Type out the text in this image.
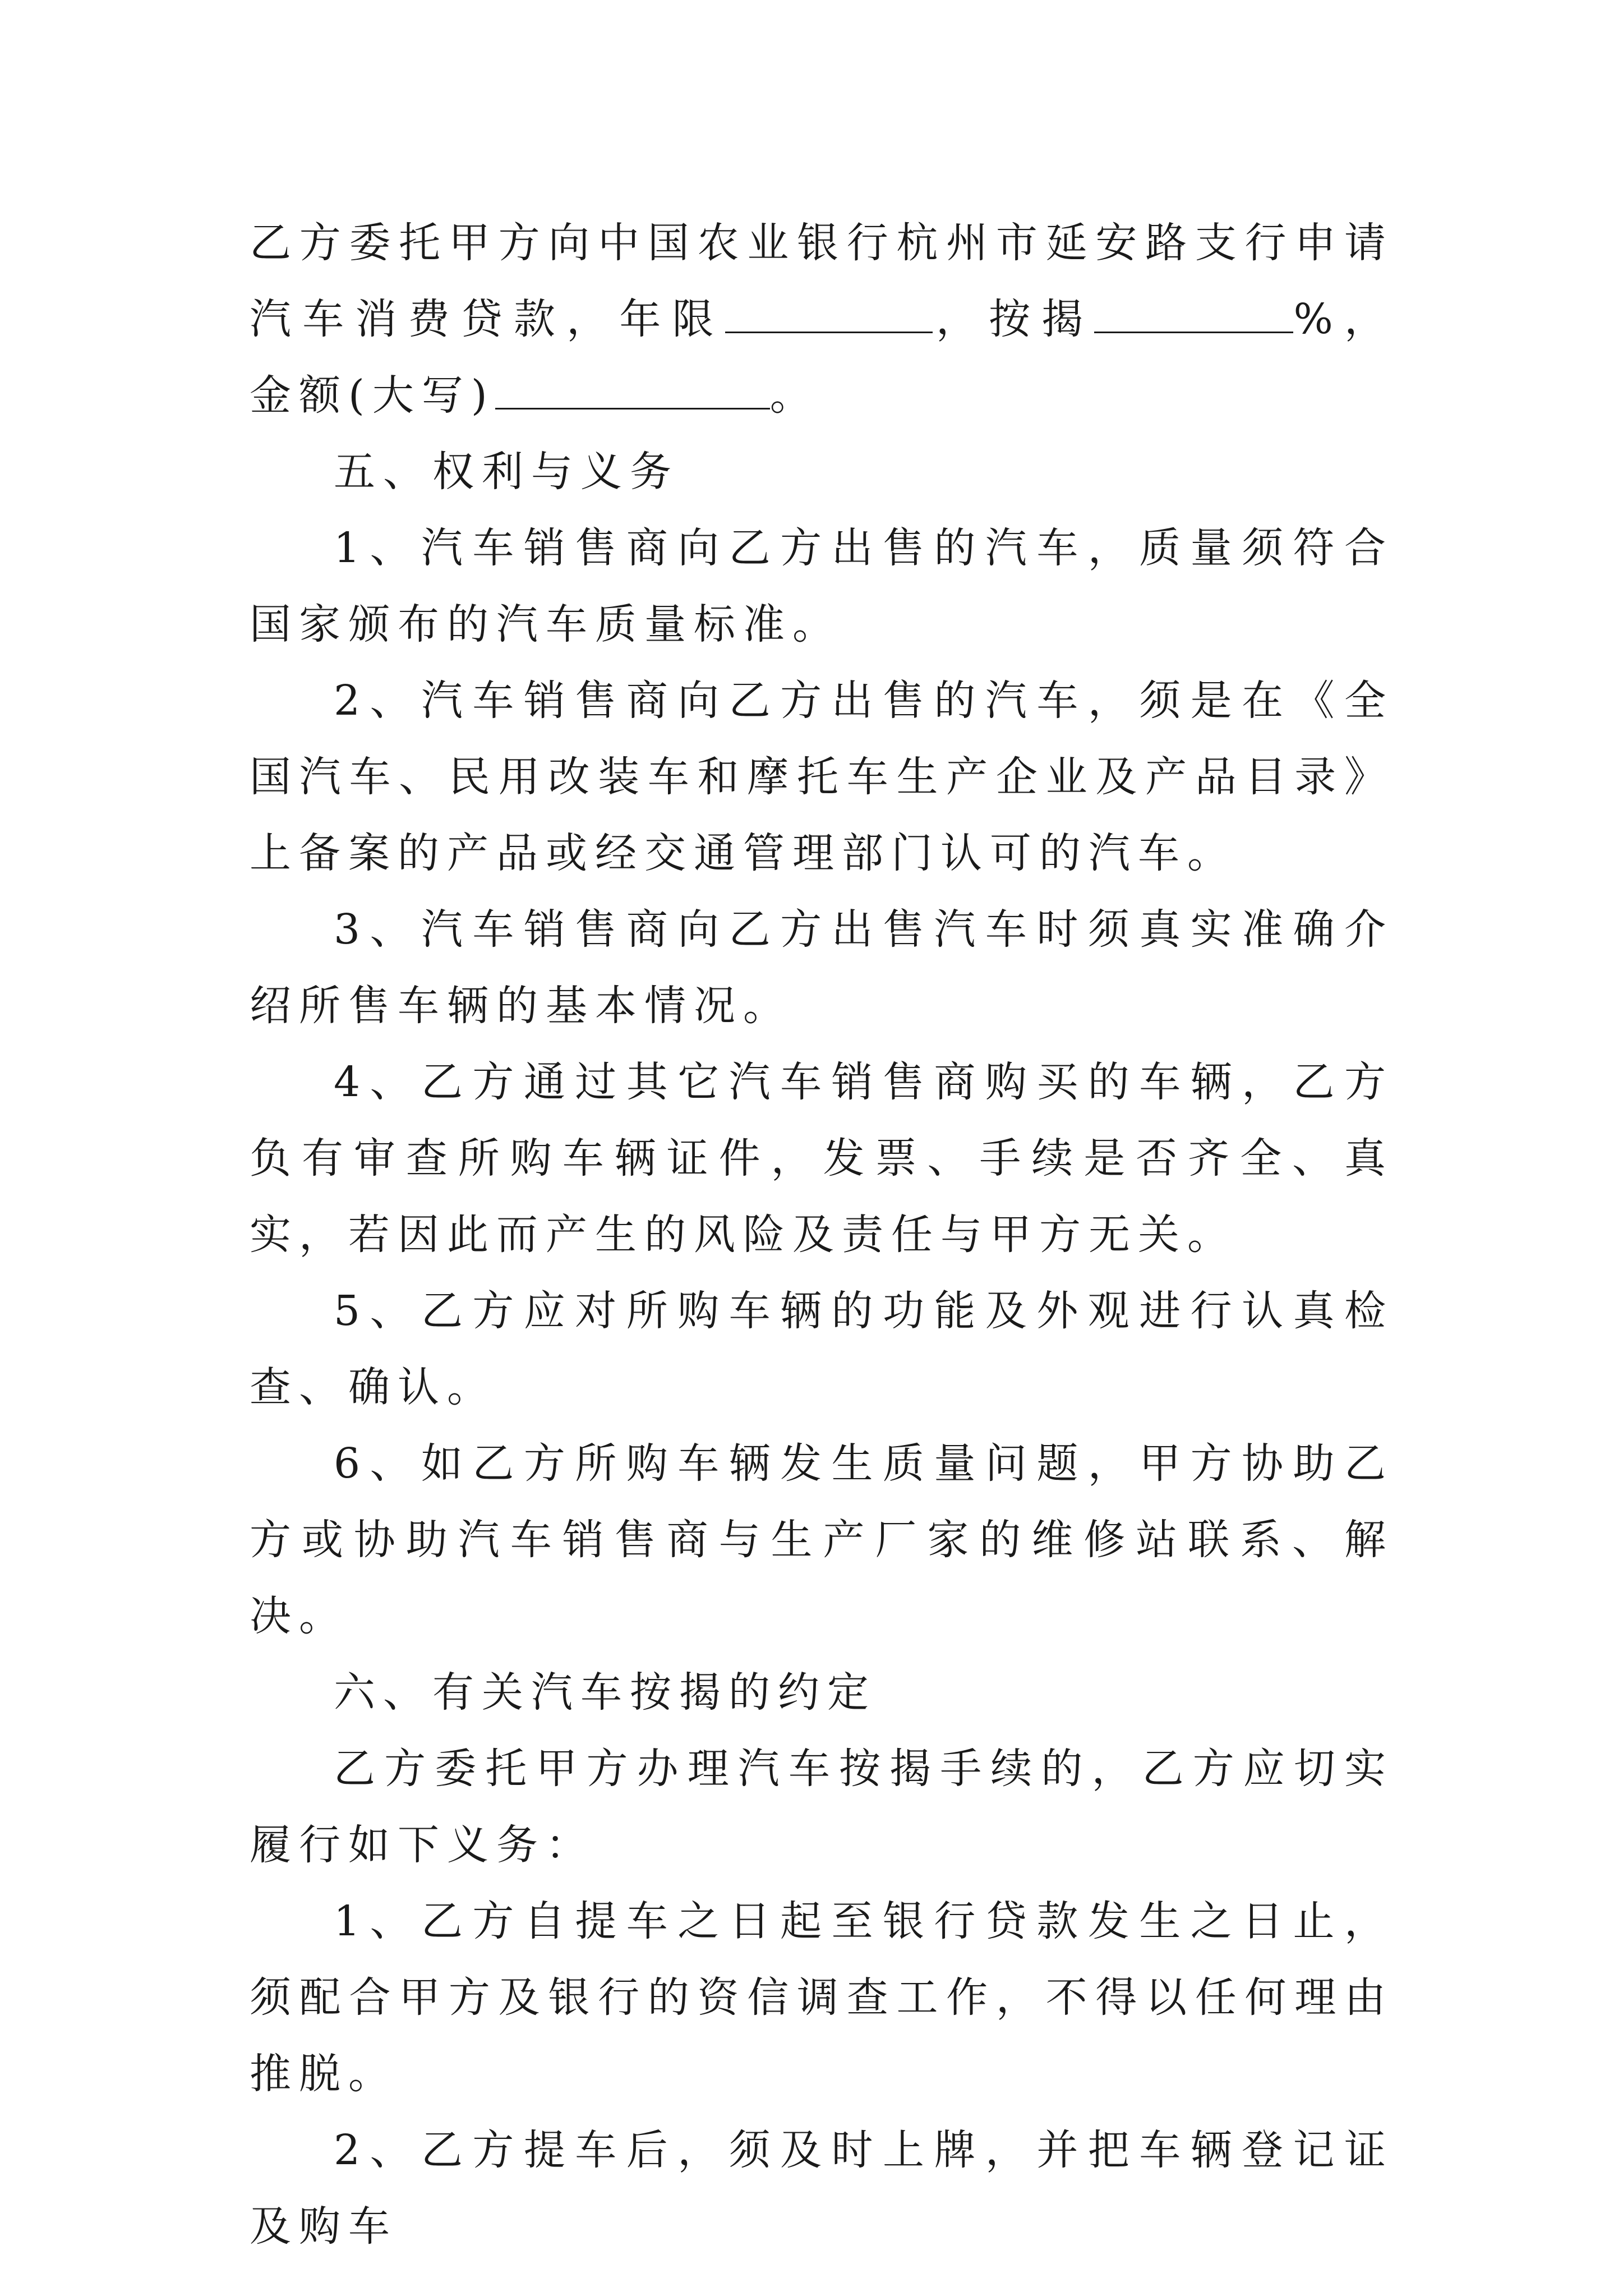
乙方委托甲方向中国农业银行杭州市延安路支行申请汽车消费贷款，年限	，按揭	%，金额(大写)	。

五、权利与义务

1、汽车销售商向乙方出售的汽车，质量须符合国家颁布的汽车质量标准。

2、汽车销售商向乙方出售的汽车，须是在《全国汽车、民用改装车和摩托车生产企业及产品目录》上备案的产品或经交通管理部门认可的汽车。

3、汽车销售商向乙方出售汽车时须真实准确介绍所售车辆的基本情况。

4、乙方通过其它汽车销售商购买的车辆，乙方负有审查所购车辆证件，发票、手续是否齐全、真实，若因此而产生的风险及责任与甲方无关。

5、乙方应对所购车辆的功能及外观进行认真检查、确认。

6、如乙方所购车辆发生质量问题，甲方协助乙方或协助汽车销售商与生产厂家的维修站联系、解决。

六、有关汽车按揭的约定

乙方委托甲方办理汽车按揭手续的，乙方应切实履行如下义务：

1、乙方自提车之日起至银行贷款发生之日止，须配合甲方及银行的资信调查工作，不得以任何理由推脱。

2、乙方提车后，须及时上牌，并把车辆登记证及购车
